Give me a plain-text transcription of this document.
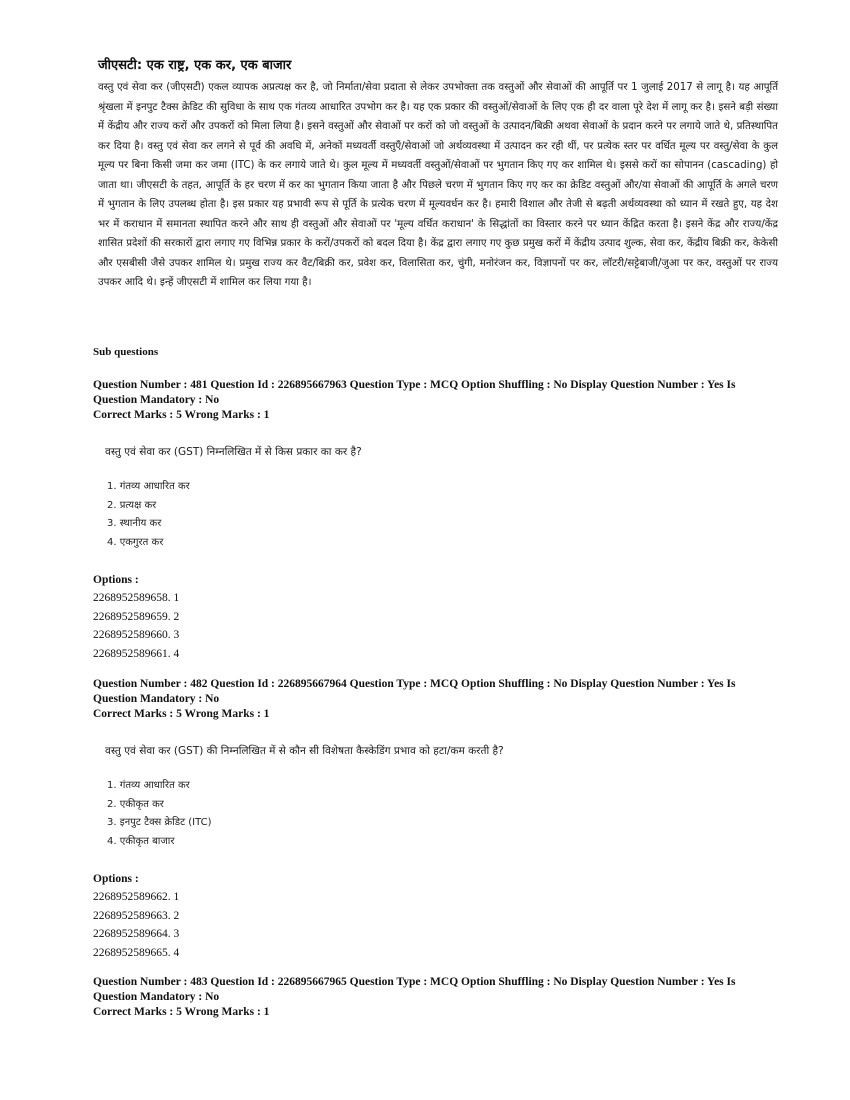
जीएसटी: एक राष्ट्र, एक कर, एक बाजार
वस्तु एवं सेवा कर (जीएसटी) एकल व्यापक अप्रत्यक्ष कर है, जो निर्माता/सेवा प्रदाता से लेकर उपभोक्ता तक वस्तुओं और सेवाओं की आपूर्ति पर 1 जुलाई 2017 से लागू है। यह आपूर्ति श्रृंखला में इनपुट टैक्स क्रेडिट की सुविधा के साथ एक गंतव्य आधारित उपभोग कर है। यह एक प्रकार की वस्तुओं/सेवाओं के लिए एक ही दर वाला पूरे देश में लागू कर है। इसने बड़ी संख्या में केंद्रीय और राज्य करों और उपकरों को मिला लिया है। इसने वस्तुओं और सेवाओं पर करों को जो वस्तुओं के उत्पादन/बिक्री अथवा सेवाओं के प्रदान करने पर लगाये जाते थे, प्रतिस्थापित कर दिया है। वस्तु एवं सेवा कर लगने से पूर्व की अवधि में, अनेकों मध्यवर्ती वस्तुएँ/सेवाओं जो अर्थव्यवस्था में उत्पादन कर रही थीं, पर प्रत्येक स्तर पर वर्धित मूल्य पर वस्तु/सेवा के कुल मूल्य पर बिना किसी जमा कर जमा (ITC) के कर लगाये जाते थे। कुल मूल्य में मध्यवर्ती वस्तुओं/सेवाओं पर भुगतान किए गए कर शामिल थे। इससे करों का सोपानन (cascading) हो जाता था। जीएसटी के तहत, आपूर्ति के हर चरण में कर का भुगतान किया जाता है और पिछले चरण में भुगतान किए गए कर का क्रेडिट वस्तुओं और/या सेवाओं की आपूर्ति के अगले चरण में भुगतान के लिए उपलब्ध होता है। इस प्रकार यह प्रभावी रूप से पूर्ति के प्रत्येक चरण में मूल्यवर्धन कर है। हमारी विशाल और तेजी से बढ़ती अर्थव्यवस्था को ध्यान में रखते हुए, यह देश भर में कराधान में समानता स्थापित करने और साथ ही वस्तुओं और सेवाओं पर 'मूल्य वर्धित कराधान' के सिद्धांतों का विस्तार करने पर ध्यान केंद्रित करता है। इसने केंद्र और राज्य/केंद्र शासित प्रदेशों की सरकारों द्वारा लगाए गए विभिन्न प्रकार के करों/उपकरों को बदल दिया है। केंद्र द्वारा लगाए गए कुछ प्रमुख करों में केंद्रीय उत्पाद शुल्क, सेवा कर, केंद्रीय बिक्री कर, केकेसी और एसबीसी जैसे उपकर शामिल थे। प्रमुख राज्य कर वैट/बिक्री कर, प्रवेश कर, विलासिता कर, चुंगी, मनोरंजन कर, विज्ञापनों पर कर, लॉटरी/सट्टेबाजी/जुआ पर कर, वस्तुओं पर राज्य उपकर आदि थे। इन्हें जीएसटी में शामिल कर लिया गया है।
Sub questions
Question Number : 481 Question Id : 226895667963 Question Type : MCQ Option Shuffling : No Display Question Number : Yes Is
Question Mandatory : No
Correct Marks : 5 Wrong Marks : 1
वस्तु एवं सेवा कर (GST) निम्नलिखित में से किस प्रकार का कर है?
1. गंतव्य आधारित कर
2. प्रत्यक्ष कर
3. स्थानीय कर
4. एकगुरत कर
Options :
2268952589658. 1
2268952589659. 2
2268952589660. 3
2268952589661. 4
Question Number : 482 Question Id : 226895667964 Question Type : MCQ Option Shuffling : No Display Question Number : Yes Is
Question Mandatory : No
Correct Marks : 5 Wrong Marks : 1
वस्तु एवं सेवा कर (GST) की निम्नलिखित में से कौन सी विशेषता कैस्केडिंग प्रभाव को हटा/कम करती है?
1. गंतव्य आधारित कर
2. एकीकृत कर
3. इनपुट टैक्स क्रेडिट (ITC)
4. एकीकृत बाजार
Options :
2268952589662. 1
2268952589663. 2
2268952589664. 3
2268952589665. 4
Question Number : 483 Question Id : 226895667965 Question Type : MCQ Option Shuffling : No Display Question Number : Yes Is
Question Mandatory : No
Correct Marks : 5 Wrong Marks : 1
